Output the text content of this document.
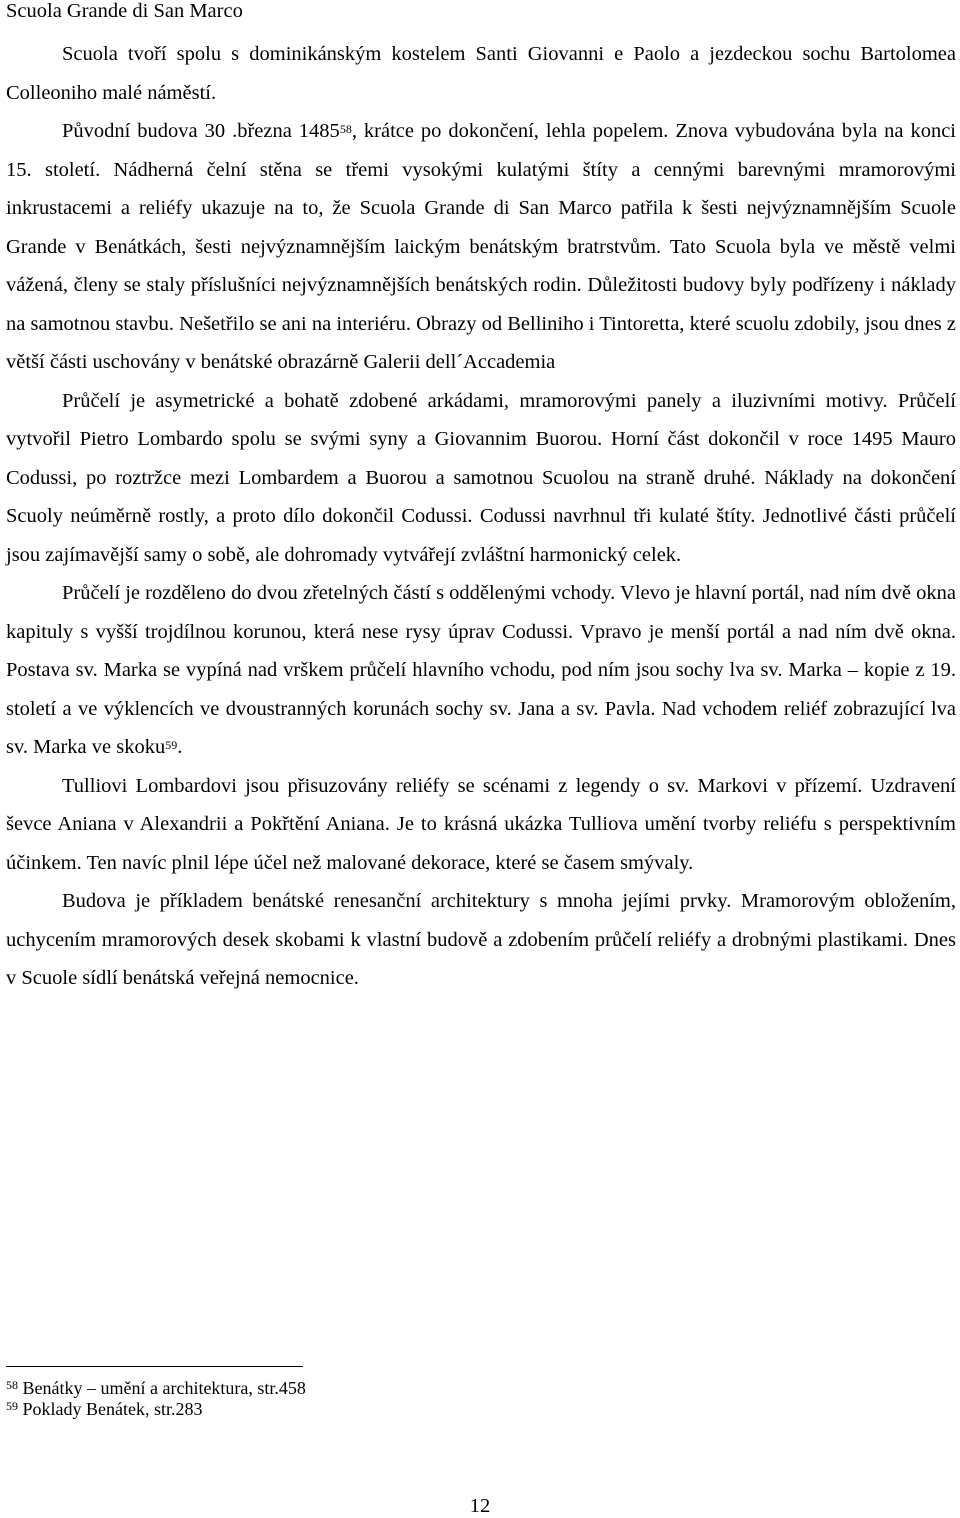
Scuola Grande di San Marco

Scuola tvoří spolu s dominikánským kostelem Santi Giovanni e Paolo a jezdeckou sochu Bartolomea Colleoniho malé náměstí.

Původní budova 30 .března 1485$^{58}$, krátce po dokončení, lehla popelem. Znova vybudována byla na konci 15. století. Nádherná čelní stěna se třemi vysokými kulatými štíty a cennými barevnými mramorovými inkrustacemi a reliéfy ukazuje na to, že Scuola Grande di San Marco patřila k šesti nejvýznamnějším Scuole Grande v Benátkách, šesti nejvýznamnějším laickým benátským bratrstvům. Tato Scuola byla ve městě velmi vážená, členy se staly příslušníci nejvýznamnějších benátských rodin. Důležitosti budovy byly podřízeny i náklady na samotnou stavbu. Nešetřilo se ani na interiéru. Obrazy od Belliniho i Tintoretta, které scuolu zdobily, jsou dnes z větší části uschovány v benátské obrazárně Galerii dell´Accademia

Průčelí je asymetrické a bohatě zdobené arkádami, mramorovými panely a iluzivními motivy. Průčelí vytvořil Pietro Lombardo spolu se svými syny a Giovannim Buorou. Horní část dokončil v roce 1495 Mauro Codussi, po roztržce mezi Lombardem a Buorou a samotnou Scuolou na straně druhé. Náklady na dokončení Scuoly neúměrně rostly, a proto dílo dokončil Codussi. Codussi navrhnul tři kulaté štíty. Jednotlivé části průčelí jsou zajímavější samy o sobě, ale dohromady vytvářejí zvláštní harmonický celek.

Průčelí je rozděleno do dvou zřetelných částí s oddělenými vchody. Vlevo je hlavní portál, nad ním dvě okna kapituly s vyšší trojdílnou korunou, která nese rysy úprav Codussi. Vpravo je menší portál a nad ním dvě okna. Postava sv. Marka se vypíná nad vrškem průčelí hlavního vchodu, pod ním jsou sochy lva sv. Marka – kopie z 19. století a ve výklencích ve dvoustranných korunách sochy sv. Jana a sv. Pavla. Nad vchodem reliéf zobrazující lva sv. Marka ve skoku$^{59}$.

Tulliovi Lombardovi jsou přisuzovány reliéfy se scénami z legendy o sv. Markovi v přízemí. Uzdravení ševce Aniana v Alexandrii a Pokřtění Aniana. Je to krásná ukázka Tulliova umění tvorby reliéfu s perspektivním účinkem. Ten navíc plnil lépe účel než malované dekorace, které se časem smývaly.

Budova je příkladem benátské renesanční architektury s mnoha jejími prvky. Mramorovým obložením, uchycením mramorových desek skobami k vlastní budově a zdobením průčelí reliéfy a drobnými plastikami. Dnes v Scuole sídlí benátská veřejná nemocnice.

$^{58}$ Benátky – umění a architektura, str.458

$^{59}$ Poklady Benátek, str.283

12
